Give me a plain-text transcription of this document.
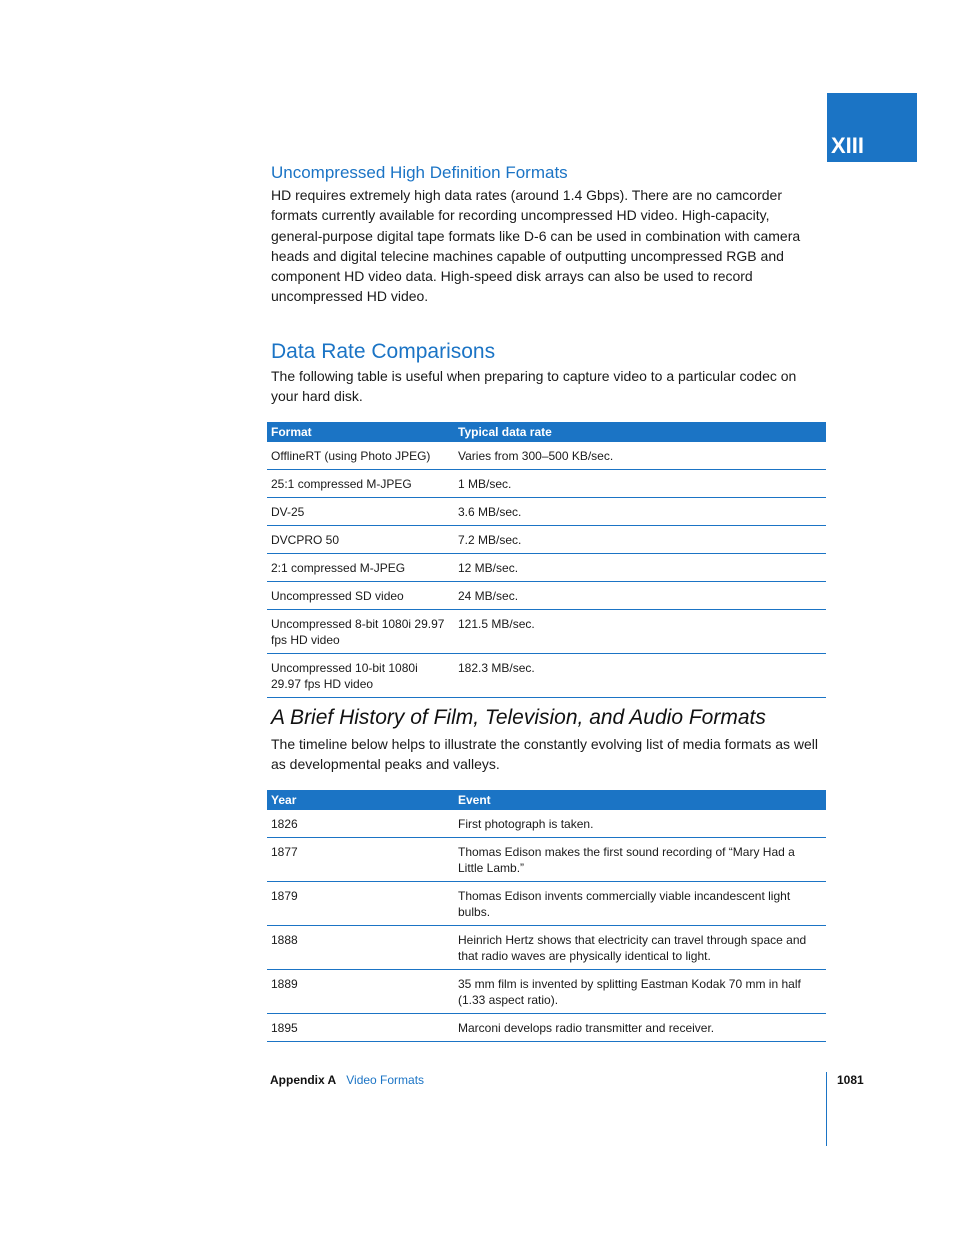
XIII
Uncompressed High Definition Formats

HD requires extremely high data rates (around 1.4 Gbps). There are no camcorder formats currently available for recording uncompressed HD video. High-capacity, general-purpose digital tape formats like D-6 can be used in combination with camera heads and digital telecine machines capable of outputting uncompressed RGB and component HD video data. High-speed disk arrays can also be used to record uncompressed HD video.

Data Rate Comparisons

The following table is useful when preparing to capture video to a particular codec on your hard disk.

Format	Typical data rate
OfflineRT (using Photo JPEG)	Varies from 300–500 KB/sec.
25:1 compressed M-JPEG	1 MB/sec.
DV-25	3.6 MB/sec.
DVCPRO 50	7.2 MB/sec.
2:1 compressed M-JPEG	12 MB/sec.
Uncompressed SD video	24 MB/sec.
Uncompressed 8-bit 1080i 29.97 fps HD video	121.5 MB/sec.
Uncompressed 10-bit 1080i 29.97 fps HD video	182.3 MB/sec.
A Brief History of Film, Television, and Audio Formats

The timeline below helps to illustrate the constantly evolving list of media formats as well as developmental peaks and valleys.

Year	Event
1826	First photograph is taken.
1877	Thomas Edison makes the first sound recording of “Mary Had a Little Lamb.”
1879	Thomas Edison invents commercially viable incandescent light bulbs.
1888	Heinrich Hertz shows that electricity can travel through space and that radio waves are physically identical to light.
1889	35 mm film is invented by splitting Eastman Kodak 70 mm in half (1.33 aspect ratio).
1895	Marconi develops radio transmitter and receiver.
Appendix A Video Formats	1081
